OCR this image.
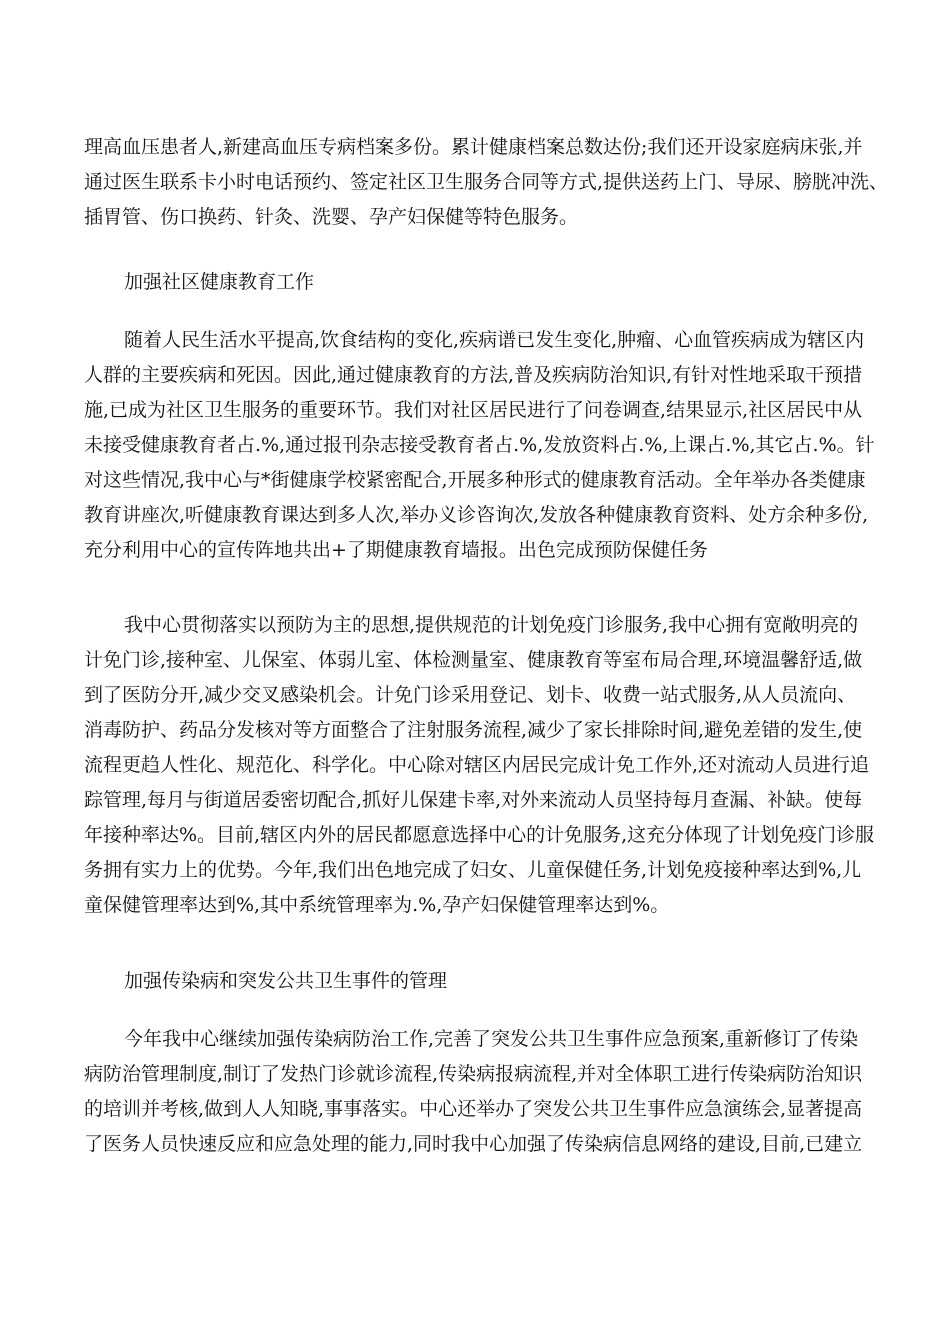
理高血压患者人,新建高血压专病档案多份。累计健康档案总数达份;我们还开设家庭病床张,并
通过医生联系卡小时电话预约、签定社区卫生服务合同等方式,提供送药上门、导尿、膀胱冲洗、
插胃管、伤口换药、针灸、洗婴、孕产妇保健等特色服务。
加强社区健康教育工作
随着人民生活水平提高,饮食结构的变化,疾病谱已发生变化,肿瘤、心血管疾病成为辖区内
人群的主要疾病和死因。因此,通过健康教育的方法,普及疾病防治知识,有针对性地采取干预措
施,已成为社区卫生服务的重要环节。我们对社区居民进行了问卷调查,结果显示,社区居民中从
未接受健康教育者占.%,通过报刊杂志接受教育者占.%,发放资料占.%,上课占.%,其它占.%。针
对这些情况,我中心与*街健康学校紧密配合,开展多种形式的健康教育活动。全年举办各类健康
教育讲座次,听健康教育课达到多人次,举办义诊咨询次,发放各种健康教育资料、处方余种多份,
充分利用中心的宣传阵地共出+了期健康教育墙报。出色完成预防保健任务
我中心贯彻落实以预防为主的思想,提供规范的计划免疫门诊服务,我中心拥有宽敞明亮的
计免门诊,接种室、儿保室、体弱儿室、体检测量室、健康教育等室布局合理,环境温馨舒适,做
到了医防分开,减少交叉感染机会。计免门诊采用登记、划卡、收费一站式服务,从人员流向、
消毒防护、药品分发核对等方面整合了注射服务流程,减少了家长排除时间,避免差错的发生,使
流程更趋人性化、规范化、科学化。中心除对辖区内居民完成计免工作外,还对流动人员进行追
踪管理,每月与街道居委密切配合,抓好儿保建卡率,对外来流动人员坚持每月查漏、补缺。使每
年接种率达%。目前,辖区内外的居民都愿意选择中心的计免服务,这充分体现了计划免疫门诊服
务拥有实力上的优势。今年,我们出色地完成了妇女、儿童保健任务,计划免疫接种率达到%,儿
童保健管理率达到%,其中系统管理率为.%,孕产妇保健管理率达到%。
加强传染病和突发公共卫生事件的管理
今年我中心继续加强传染病防治工作,完善了突发公共卫生事件应急预案,重新修订了传染
病防治管理制度,制订了发热门诊就诊流程,传染病报病流程,并对全体职工进行传染病防治知识
的培训并考核,做到人人知晓,事事落实。中心还举办了突发公共卫生事件应急演练会,显著提高
了医务人员快速反应和应急处理的能力,同时我中心加强了传染病信息网络的建设,目前,已建立
